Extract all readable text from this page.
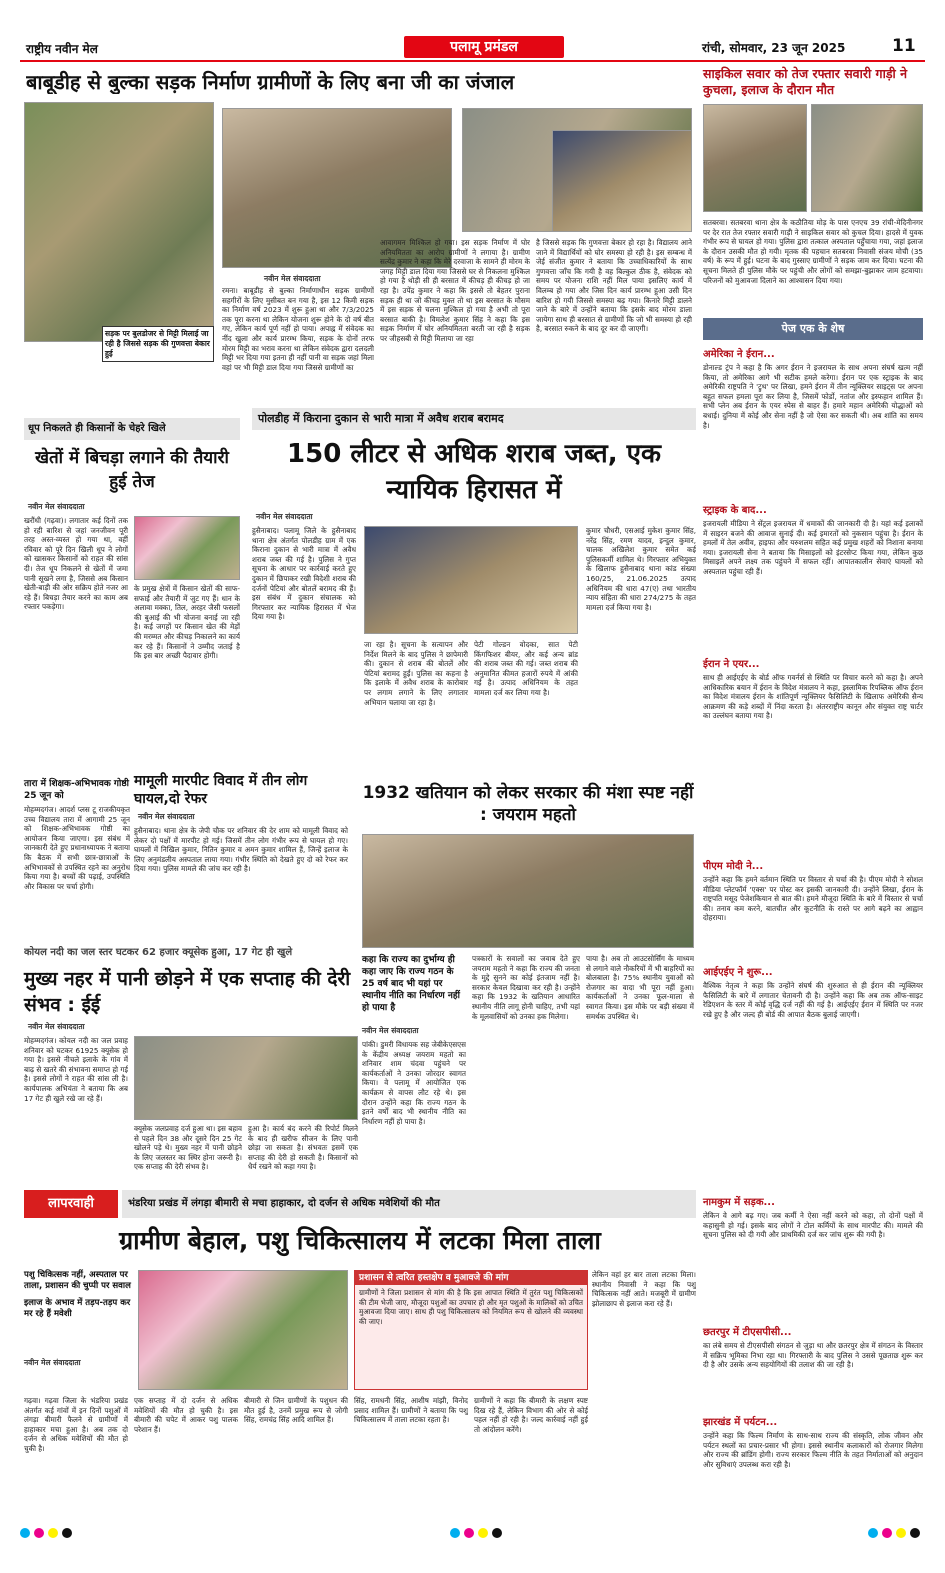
राष्ट्रीय नवीन मेल	पलामू प्रमंडल	रांची, सोमवार, 23 जून 2025	11
बाबूडीह से बुल्का सड़क निर्माण ग्रामीणों के लिए बना जी का जंजाल
सड़क पर बुलडोजर से मिट्टी मिलाई जा रही है जिससे सड़क की गुणवत्ता बेकार हुई
नवीन मेल संवाददाता
रमना। बाबूडीह से बुल्का निर्माणाधीन सड़क ग्रामीणों सहगीरों के लिए मुसीबत बन गया है, इस 12 किमी सड़क का निर्माण वर्ष 2023 में शुरू हुआ था और 7/3/2025 तक पूरा करना था लेकिन योजना शुरू होने के दो वर्ष बीत गए, लेकिन कार्य पूर्ण नहीं हो पाया। अपाह्न में संवेदक का नींद खुला और कार्य प्रारम्भ किया, सड़क के दोनों तरफ मोरम मिट्टी का भराव करना था लेकिन संवेदक द्वारा दलदली मिट्टी भर दिया गया इतना ही नहीं पानी वा सड़क जहां मिला वहां पर भी मिट्टी डाल दिया गया जिससे ग्रामीणों का
आवागमन मिश्किल हो गया। इस सड़क निर्माण में घोर अनियमितता का आरोप ग्रामीणों ने लगाया है। ग्रामीण सत्येंद्र कुमार ने कहा कि मेरे दरवाजा के सामने ही मोरम के जगह मिट्टी डाल दिया गया जिससे घर से निकलना मुश्किल हो गया है थोड़ी सी ही बरसात में कीचड़ ही कीचड़ हो जा रहा है। उपेंद्र कुमार ने कहा कि इससे तो बेहतर पुराना सड़क ही था जो कीचड़ मुक्त तो था इस बरसात के मौसम में इस सड़क से चलना मुश्किल हो गया है अभी तो पूरा बरसात बाकी है। विमलेश कुमार सिंह ने कहा कि इस सड़क निर्माण में घोर अनियमितता बरती जा रही है सड़क पर जीहसबी से मिट्टी मिलाया जा रहा
है जिससे सड़क कि गुणवत्ता बेकार हो रहा है। विद्यालय आने जाने में विद्यार्थियों को घोर समस्या हो रही है। इस सम्बन्ध में जेई संजीत कुमार ने बताया कि उच्चाधिकारियों के साथ गुणवत्ता जाँच कि गयी है वह बिल्कुल ठीक है, संवेदक को समय पर योजना राशि नहीं मिल पाया इसलिए कार्य में विलम्ब हो गया और जिस दिन कार्य प्रारम्भ हुआ उसी दिन बारिश हो गयी जिससे समस्या बढ़ गया। किनारे मिट्टी डालने जाने के बारे में उन्होंने बताया कि इसके बाद मोरम डाला जायेगा साथ ही बरसात से ग्रामीणों कि जो भी समस्या हो रही है, बरसात रुकने के बाद दूर कर दी जाएगी।
साइकिल सवार को तेज रफ्तार सवारी गाड़ी ने कुचला, इलाज के दौरान मौत
सतबरवा। सतबरवा थाना क्षेत्र के कठौतिया मोड़ के पास एनएच 39 रांची-मेदिनीनगर पर देर रात तेज रफ्तार सवारी गाड़ी ने साइकिल सवार को कुचल दिया। हादसे में युवक गंभीर रूप से घायल हो गया। पुलिस द्वारा तत्काल अस्पताल पहुँचाया गया, जहां इलाज के दौरान उसकी मौत हो गयी। मृतक की पहचान सतबरवा निवासी संजय मोची (35 वर्ष) के रूप में हुई। घटना के बाद गुस्साए ग्रामीणों ने सड़क जाम कर दिया। घटना की सूचना मिलते ही पुलिस मौके पर पहुंची और लोगों को समझा-बुझाकर जाम हटवाया। परिजनों को मुआवजा दिलाने का आश्वासन दिया गया।
पेज एक के शेष
अमेरिका ने ईरान...
डोनाल्ड ट्रंप ने कहा है कि अगर ईरान ने इजरायल के साथ अपना संघर्ष खत्म नहीं किया, तो अमेरिका आगे भी सटीक हमले करेगा। ईरान पर एक स्ट्राइक के बाद अमेरिकी राष्ट्रपति ने 'ट्रुथ' पर लिखा, हमने ईरान में तीन न्यूक्लियर साइट्स पर अपना बहुत सफल हमला पूरा कर लिया है, जिसमें फोर्डो, नतांज और इस्फहान शामिल हैं। सभी प्लेन अब ईरान के एयर स्पेस से बाहर हैं। हमारे महान अमेरिकी योद्धाओं को बधाई। दुनिया में कोई और सेना नहीं है जो ऐसा कर सकती थी। अब शांति का समय है।
स्ट्राइक के बाद...
इजरायली मीडिया ने सेंट्रल इजरायल में धमाकों की जानकारी दी है। यहां कई इलाकों में साइरन बजने की आवाज सुनाई दी। कई इमारतों को नुकसान पहुंचा है। ईरान के हमलों में तेल अवीव, हाइफा और यरुशलम सहित कई प्रमुख शहरों को निशाना बनाया गया। इजरायली सेना ने बताया कि मिसाइलों को इंटरसेप्ट किया गया, लेकिन कुछ मिसाइलें अपने लक्ष्य तक पहुंचने में सफल रहीं। आपातकालीन सेवाएं घायलों को अस्पताल पहुंचा रही हैं।
ईरान ने एयर...
साथ ही आईएईए के बोर्ड ऑफ गवर्नर्स से स्थिति पर विचार करने को कहा है। अपने आधिकारिक बयान में ईरान के विदेश मंत्रालय ने कहा, इस्लामिक रिपब्लिक ऑफ ईरान का विदेश मंत्रालय ईरान के शांतिपूर्ण न्यूक्लियर फैसिलिटी के खिलाफ अमेरिकी सैन्य आक्रमण की कड़े शब्दों में निंदा करता है। अंतरराष्ट्रीय कानून और संयुक्त राष्ट्र चार्टर का उल्लंघन बताया गया है।
पीएम मोदी ने...
उन्होंने कहा कि हमने वर्तमान स्थिति पर विस्तार से चर्चा की है। पीएम मोदी ने सोशल मीडिया प्लेटफॉर्म 'एक्स' पर पोस्ट कर इसकी जानकारी दी। उन्होंने लिखा, ईरान के राष्ट्रपति मसूद पेजेशकियान से बात की। हमने मौजूदा स्थिति के बारे में विस्तार से चर्चा की। तनाव कम करने, बातचीत और कूटनीति के रास्ते पर आगे बढ़ने का आह्वान दोहराया।
आईएईए ने शुरू...
वैश्विक नेतृत्व ने कहा कि उन्होंने संघर्ष की शुरुआत से ही ईरान की न्यूक्लियर फैसिलिटी के बारे में लगातार चेतावनी दी है। उन्होंने कहा कि अब तक ऑफ-साइट रेडिएशन के स्तर में कोई वृद्धि दर्ज नहीं की गई है। आईएईए ईरान में स्थिति पर नजर रखे हुए है और जल्द ही बोर्ड की आपात बैठक बुलाई जाएगी।
नामकुम में सड़क...
लेकिन वे आगे बढ़ गए। जब कर्मी ने ऐसा नहीं करने को कहा, तो दोनों पक्षों में कहासुनी हो गई। इसके बाद लोगों ने टोल कर्मियों के साथ मारपीट की। मामले की सूचना पुलिस को दी गयी और प्राथमिकी दर्ज कर जांच शुरू की गयी है।
छतरपुर में टीएसपीसी...
का लंबे समय से टीएसपीसी संगठन से जुड़ा था और छतरपुर क्षेत्र में संगठन के विस्तार में सक्रिय भूमिका निभा रहा था। गिरफ्तारी के बाद पुलिस ने उससे पूछताछ शुरू कर दी है और उसके अन्य सहयोगियों की तलाश की जा रही है।
झारखंड में पर्यटन...
उन्होंने कहा कि फिल्म निर्माण के साथ-साथ राज्य की संस्कृति, लोक जीवन और पर्यटन स्थलों का प्रचार-प्रसार भी होगा। इससे स्थानीय कलाकारों को रोजगार मिलेगा और राज्य की ब्रांडिंग होगी। राज्य सरकार फिल्म नीति के तहत निर्माताओं को अनुदान और सुविधाएं उपलब्ध करा रही है।
धूप निकलते ही किसानों के चेहरे खिले
खेतों में बिचड़ा लगाने की तैयारी हुई तेज
नवीन मेल संवाददाता
खरौंधी (गढ़वा)। लगातार कई दिनों तक हो रही बारिश से जहां जनजीवन पूरी तरह अस्त-व्यस्त हो गया था, वहीं रविवार को पूरे दिन खिली धूप ने लोगों को खासकर किसानों को राहत की सांस दी। तेज धूप निकलने से खेतों में जमा पानी सूखने लगा है, जिससे अब किसान खेती-बाड़ी की ओर सक्रिय होते नजर आ रहे हैं। बिचड़ा तैयार करने का काम अब रफ्तार पकड़ेगा।
के प्रमुख क्षेत्रों में किसान खेतों की साफ-सफाई और तैयारी में जुट गए हैं। धान के अलावा मक्का, तिल, अरहर जैसी फसलों की बुआई की भी योजना बनाई जा रही है। कई जगहों पर किसान खेत की मेड़ों की मरम्मत और कीचड़ निकालने का कार्य कर रहे हैं। किसानों ने उम्मीद जताई है कि इस बार अच्छी पैदावार होगी।
तारा में शिक्षक-अभिभावक गोष्ठी 25 जून को
मोहम्मदगंज। आदर्श प्लस टू राजकीयकृत उच्च विद्यालय तारा में आगामी 25 जून को शिक्षक-अभिभावक गोष्ठी का आयोजन किया जाएगा। इस संबंध में जानकारी देते हुए प्रधानाध्यापक ने बताया कि बैठक में सभी छात्र-छात्राओं के अभिभावकों से उपस्थित रहने का अनुरोध किया गया है। बच्चों की पढ़ाई, उपस्थिति और विकास पर चर्चा होगी।
पोलडीह में किराना दुकान से भारी मात्रा में अवैध शराब बरामद
150 लीटर से अधिक शराब जब्त, एक न्यायिक हिरासत में
नवीन मेल संवाददाता
हुसैनाबाद। पलामू जिले के हुसैनाबाद थाना क्षेत्र अंतर्गत पोलडीह ग्राम में एक किराना दुकान से भारी मात्रा में अवैध शराब जब्त की गई है। पुलिस ने गुप्त सूचना के आधार पर कार्रवाई करते हुए दुकान में छिपाकर रखी विदेशी शराब की दर्जनों पेटियां और बोतलें बरामद की हैं। इस संबंध में दुकान संचालक को गिरफ्तार कर न्यायिक हिरासत में भेज दिया गया है।
जा रहा है। सूचना के सत्यापन और निर्देश मिलने के बाद पुलिस ने छापेमारी की। दुकान से शराब की बोतलें और पेटियां बरामद हुईं। पुलिस का कहना है कि इलाके में अवैध शराब के कारोबार पर लगाम लगाने के लिए लगातार अभियान चलाया जा रहा है।
पेटी गोल्डन वोदका, सात पेटी किंगफिशर बीयर, और कई अन्य ब्रांड की शराब जब्त की गई। जब्त शराब की अनुमानित कीमत हजारों रुपये में आंकी गई है। उत्पाद अधिनियम के तहत मामला दर्ज कर लिया गया है।
कुमार चौधरी, एसआई मुकेश कुमार सिंह, नरेंद्र सिंह, रमण यादव, इन्दुल कुमार, चालक अखिलेश कुमार समेत कई पुलिसकर्मी शामिल थे। गिरफ्तार अभियुक्त के खिलाफ हुसैनाबाद थाना कांड संख्या 160/25, 21.06.2025 उत्पाद अधिनियम की धारा 47(ए) तथा भारतीय न्याय संहिता की धारा 274/275 के तहत मामला दर्ज किया गया है।
मामूली मारपीट विवाद में तीन लोग घायल,दो रेफर
नवीन मेल संवाददाता
हुसैनाबाद। थाना क्षेत्र के जेपी चौक पर शनिवार की देर शाम को मामूली विवाद को लेकर दो पक्षों में मारपीट हो गई। जिसमें तीन लोग गंभीर रूप से घायल हो गए। घायलों में निखिल कुमार, नितिन कुमार व अमन कुमार शामिल हैं, जिन्हें इलाज के लिए अनुमंडलीय अस्पताल लाया गया। गंभीर स्थिति को देखते हुए दो को रेफर कर दिया गया। पुलिस मामले की जांच कर रही है।
1932 खतियान को लेकर सरकार की मंशा स्पष्ट नहीं : जयराम महतो
कहा कि राज्य का दुर्भाग्य ही कहा जाए कि राज्य गठन के 25 वर्ष बाद भी यहां पर स्थानीय नीति का निर्धारण नहीं हो पाया है
नवीन मेल संवाददाता
पांकी। डुमरी विधायक सह जेबीकेएसएस के केंद्रीय अध्यक्ष जयराम महतो का शनिवार शाम चंदवा पहुंचने पर कार्यकर्ताओं ने उनका जोरदार स्वागत किया। वे पलामू में आयोजित एक कार्यक्रम से वापस लौट रहे थे। इस दौरान उन्होंने कहा कि राज्य गठन के इतने वर्षों बाद भी स्थानीय नीति का निर्धारण नहीं हो पाया है।
पत्रकारों के सवालों का जवाब देते हुए जयराम महतो ने कहा कि राज्य की जनता के मुद्दे सुनने का कोई इंतजाम नहीं है। सरकार केवल दिखावा कर रही है। उन्होंने कहा कि 1932 के खतियान आधारित स्थानीय नीति लागू होनी चाहिए, तभी यहां के मूलवासियों को उनका हक मिलेगा।
पाया है। अब तो आउटसोर्सिंग के माध्यम से लगाने वाले नौकरियों में भी बाहरियों का बोलबाला है। 75% स्थानीय युवाओं को रोजगार का वादा भी पूरा नहीं हुआ। कार्यकर्ताओं ने उनका फूल-माला से स्वागत किया। इस मौके पर बड़ी संख्या में समर्थक उपस्थित थे।
कोयल नदी का जल स्तर घटकर 62 हजार क्यूसेक हुआ, 17 गेट ही खुले
मुख्य नहर में पानी छोड़ने में एक सप्ताह की देरी संभव : ईई
नवीन मेल संवाददाता
मोहम्मदगंज। कोयल नदी का जल प्रवाह शनिवार को घटकर 61925 क्यूसेक हो गया है। इससे नीचले इलाके के गांव में बाढ़ से खतरे की संभावना समाप्त हो गई है। इससे लोगों ने राहत की सांस ली है। कार्यपालक अभियंता ने बताया कि अब 17 गेट ही खुले रखे जा रहे हैं।
क्यूसेक जलप्रवाह दर्ज हुआ था। इस बहाव से पहले दिन 38 और दूसरे दिन 25 गेट खोलने पड़े थे। मुख्य नहर में पानी छोड़ने के लिए जलस्तर का स्थिर होना जरूरी है। एक सप्ताह की देरी संभव है।
हुआ है। कार्य बंद करने की रिपोर्ट मिलने के बाद ही खरीफ सीजन के लिए पानी छोड़ा जा सकता है। संभवतः इसमें एक सप्ताह की देरी हो सकती है। किसानों को धैर्य रखने को कहा गया है।
लापरवाही	भंडरिया प्रखंड में लंगड़ा बीमारी से मचा हाहाकार, दो दर्जन से अधिक मवेशियों की मौत
ग्रामीण बेहाल, पशु चिकित्सालय में लटका मिला ताला
पशु चिकित्सक नहीं, अस्पताल पर ताला, प्रशासन की चुप्पी पर सवाल
इलाज के अभाव में तड़प-तड़प कर मर रहे हैं मवेशी
नवीन मेल संवाददाता
प्रशासन से त्वरित हस्तक्षेप व मुआवजे की मांग
ग्रामीणों ने जिला प्रशासन से मांग की है कि इस आपात स्थिति में तुरंत पशु चिकित्सकों की टीम भेजी जाए, मौजूदा पशुओं का उपचार हो और मृत पशुओं के मालिकों को उचित मुआवजा दिया जाए। साथ ही पशु चिकित्सालय को नियमित रूप से खोलने की व्यवस्था की जाए।
लेकिन वहां हर बार ताला लटका मिला। स्थानीय निवासी ने कहा कि पशु चिकित्सक नहीं आते। मजबूरी में ग्रामीण झोलाछाप से इलाज करा रहे हैं।
गढ़वा। गढ़वा जिला के भंडरिया प्रखंड अंतर्गत कई गांवों में इन दिनों पशुओं में लंगड़ा बीमारी फैलने से ग्रामीणों में हाहाकार मचा हुआ है। अब तक दो दर्जन से अधिक मवेशियों की मौत हो चुकी है।
एक सप्ताह में दो दर्जन से अधिक मवेशियों की मौत हो चुकी है। इस बीमारी की चपेट में आकर पशु पालक परेशान हैं।
बीमारी से जिन ग्रामीणों के पशुधन की मौत हुई है, उनमें प्रमुख रूप से जोगी सिंह, रामचंद्र सिंह आदि शामिल हैं।
सिंह, रामधनी सिंह, आशीष मांझी, विनोद प्रसाद शामिल हैं। ग्रामीणों ने बताया कि पशु चिकित्सालय में ताला लटका रहता है।
ग्रामीणों ने कहा कि बीमारी के लक्षण स्पष्ट दिख रहे हैं, लेकिन विभाग की ओर से कोई पहल नहीं हो रही है। जल्द कार्रवाई नहीं हुई तो आंदोलन करेंगे।
